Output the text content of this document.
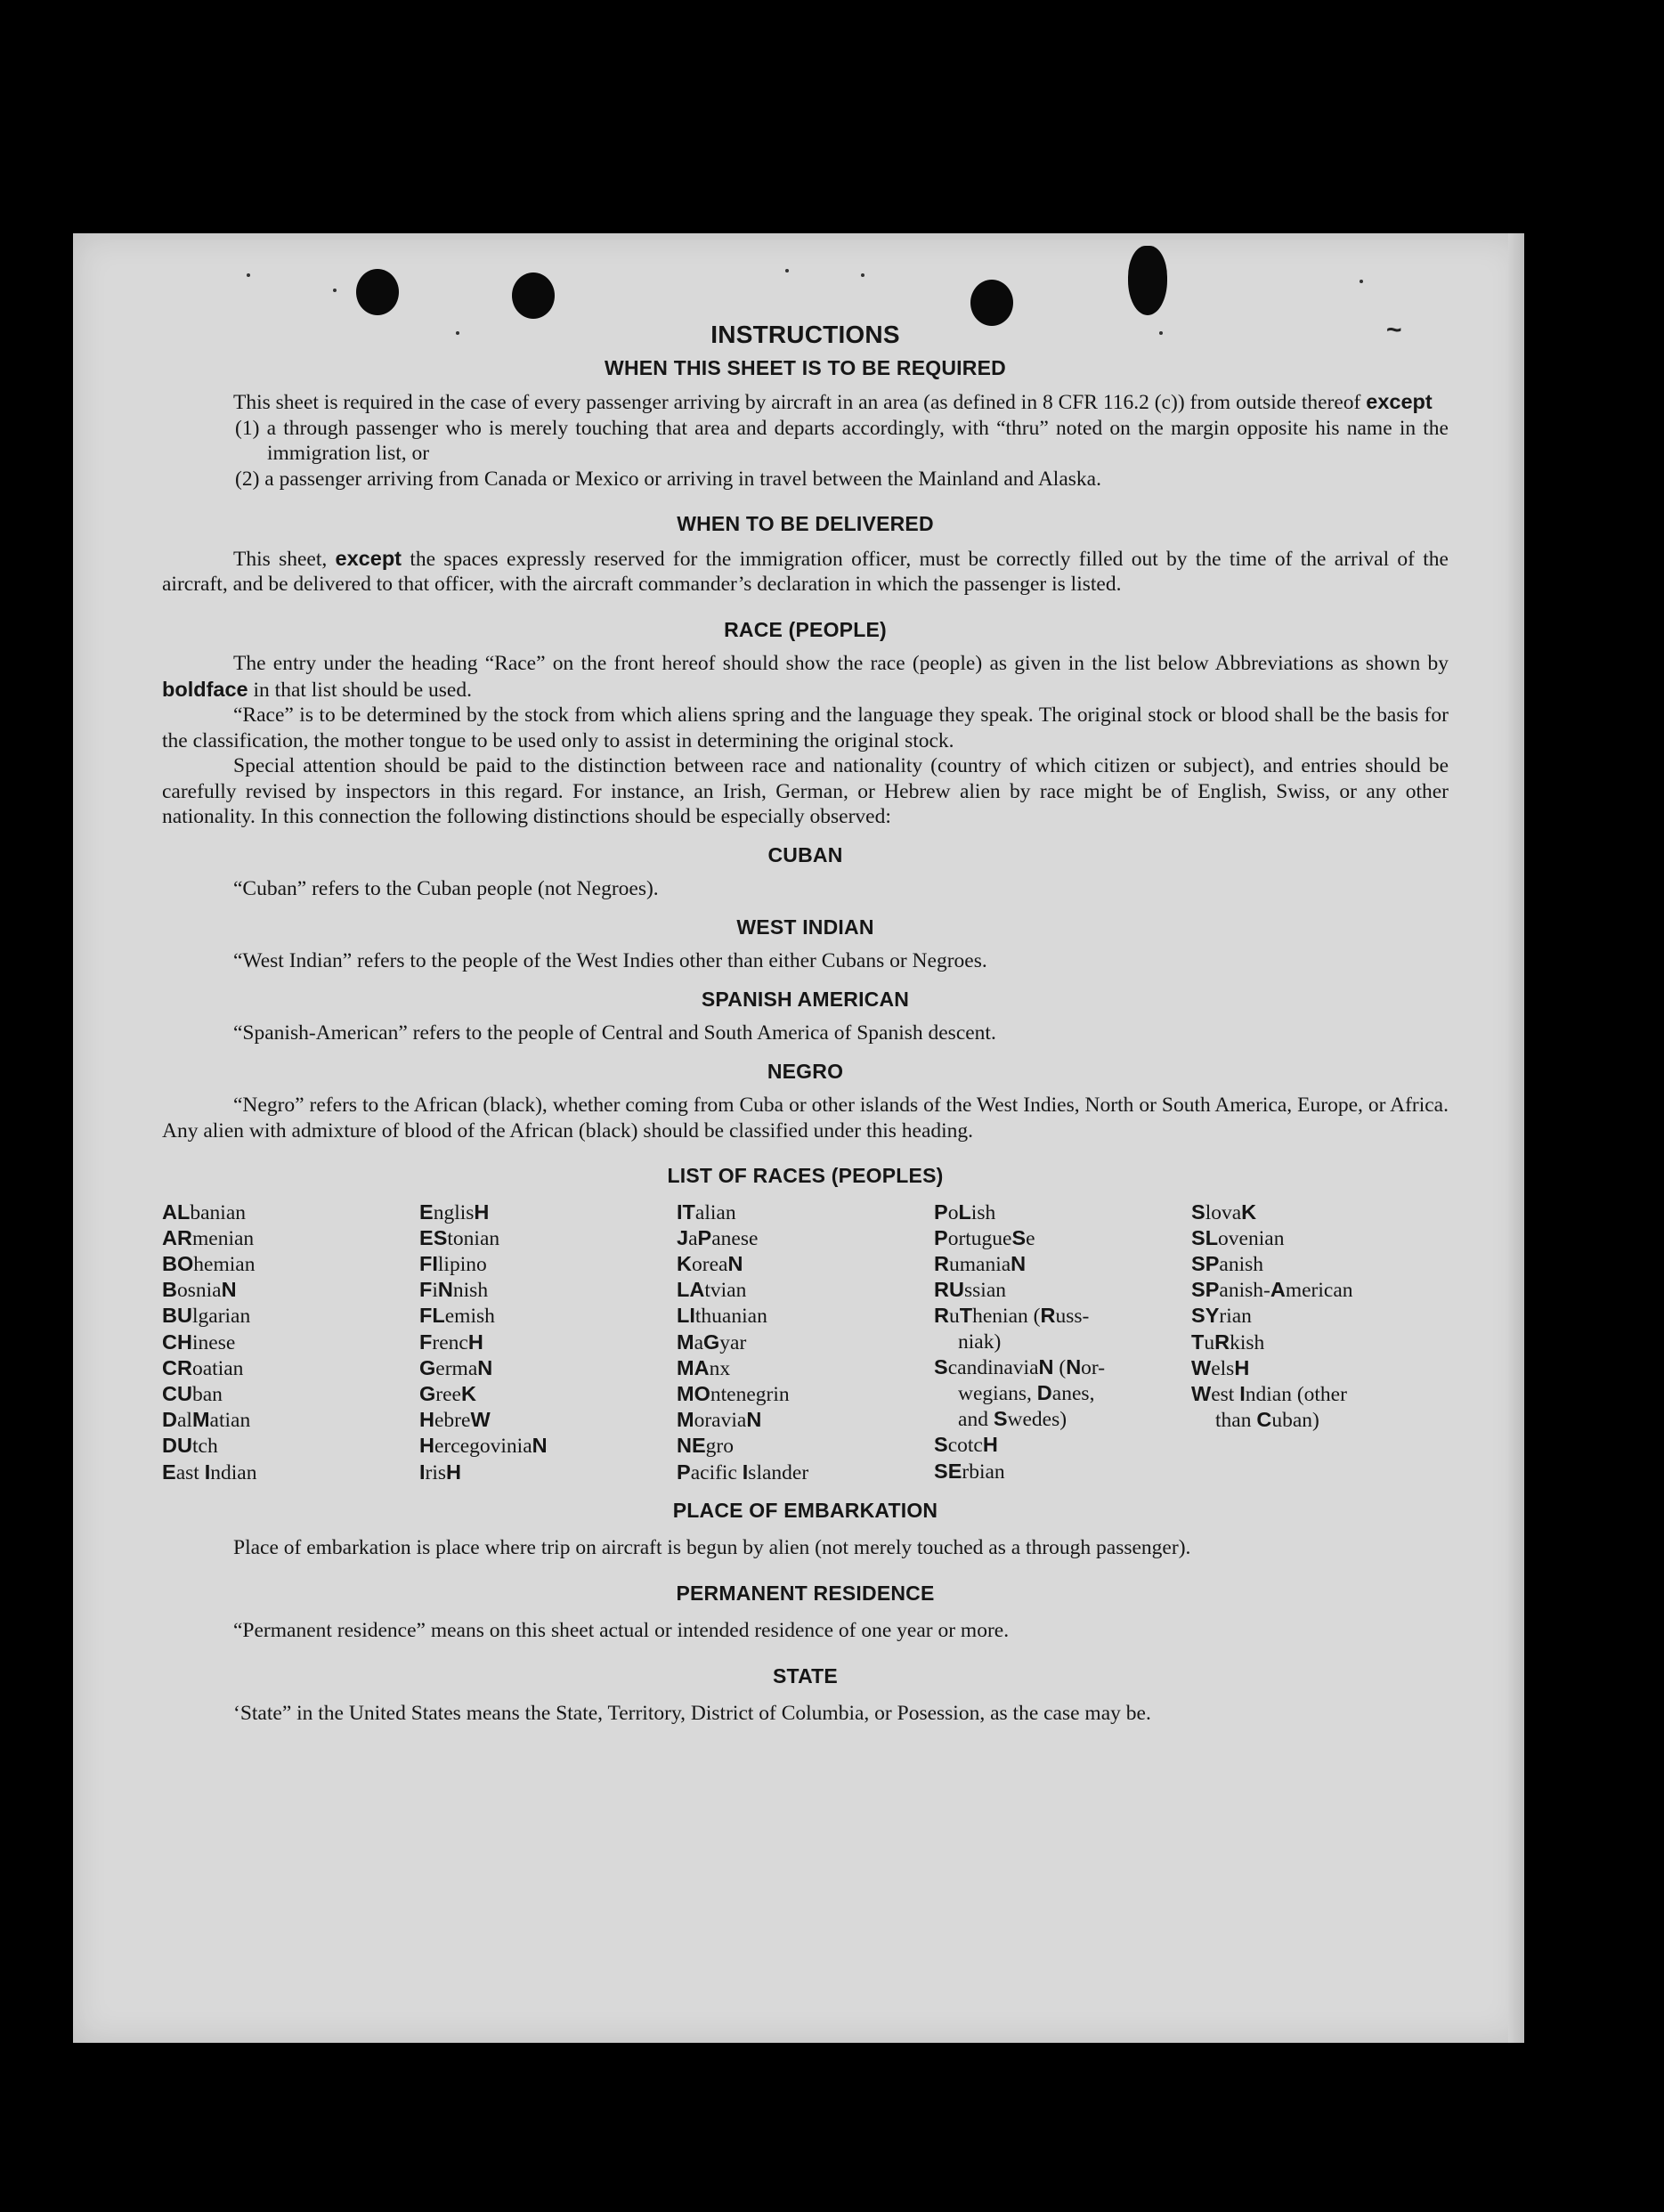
~
INSTRUCTIONS
WHEN THIS SHEET IS TO BE REQUIRED

This sheet is required in the case of every passenger arriving by aircraft in an area (as defined in 8 CFR 116.2 (c)) from outside thereof except

(1) a through passenger who is merely touching that area and departs accordingly, with “thru” noted on the margin opposite his name in the immigration list, or

(2) a passenger arriving from Canada or Mexico or arriving in travel between the Mainland and Alaska.

WHEN TO BE DELIVERED

This sheet, except the spaces expressly reserved for the immigration officer, must be correctly filled out by the time of the arrival of the aircraft, and be delivered to that officer, with the aircraft commander’s declaration in which the passenger is listed.

RACE (PEOPLE)

The entry under the heading “Race” on the front hereof should show the race (people) as given in the list below Abbreviations as shown by boldface in that list should be used.

“Race” is to be determined by the stock from which aliens spring and the language they speak. The original stock or blood shall be the basis for the classification, the mother tongue to be used only to assist in determining the original stock.

Special attention should be paid to the distinction between race and nationality (country of which citizen or subject), and entries should be carefully revised by inspectors in this regard. For instance, an Irish, German, or Hebrew alien by race might be of English, Swiss, or any other nationality. In this connection the following distinctions should be especially observed:

CUBAN

“Cuban” refers to the Cuban people (not Negroes).

WEST INDIAN

“West Indian” refers to the people of the West Indies other than either Cubans or Negroes.

SPANISH AMERICAN

“Spanish-American” refers to the people of Central and South America of Spanish descent.

NEGRO

“Negro” refers to the African (black), whether coming from Cuba or other islands of the West Indies, North or South America, Europe, or Africa. Any alien with admixture of blood of the African (black) should be classified under this heading.

LIST OF RACES (PEOPLES)
ALbanian
ARmenian
BOhemian
BosniaN
BUlgarian
CHinese
CRoatian
CUban
DalMatian
DUtch
East Indian
EnglisH
EStonian
FIlipino
FiNnish
FLemish
FrencH
GermaN
GreeK
HebreW
HercegoviniaN
IrisH
ITalian
JaPanese
KoreaN
LAtvian
LIthuanian
MaGyar
MAnx
MOntenegrin
MoraviaN
NEgro
Pacific Islander
PoLish
PortugueSe
RumaniaN
RUssian
RuThenian (Russ-
niak)
ScandinaviaN (Nor-
wegians, Danes,
and Swedes)
ScotcH
SErbian
SlovaK
SLovenian
SPanish
SPanish-American
SYrian
TuRkish
WelsH
West Indian (other
than Cuban)
PLACE OF EMBARKATION

Place of embarkation is place where trip on aircraft is begun by alien (not merely touched as a through passenger).

PERMANENT RESIDENCE

“Permanent residence” means on this sheet actual or intended residence of one year or more.

STATE

‘State” in the United States means the State, Territory, District of Columbia, or Posession, as the case may be.
